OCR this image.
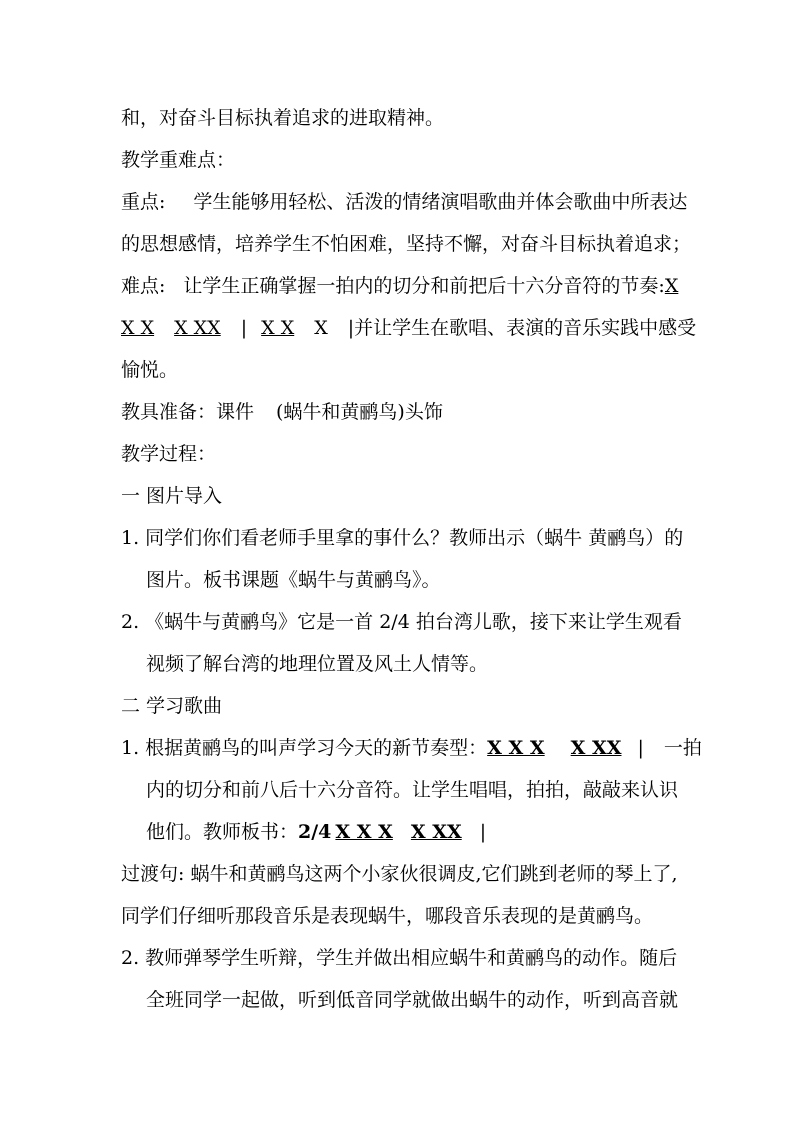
和，对奋斗目标执着追求的进取精神。
教学重难点：
重点: 学生能够用轻松、活泼的情绪演唱歌曲并体会歌曲中所表达
的思想感情，培养学生不怕困难，坚持不懈，对奋斗目标执着追求；
难点: 让学生正确掌握一拍内的切分和前把后十六分音符的节奏:X
X X X XX | X X X |并让学生在歌唱、表演的音乐实践中感受
愉悦。
教具准备：课件 (蜗牛和黄鹂鸟)头饰
教学过程：
一 图片导入
1. 同学们你们看老师手里拿的事什么？教师出示（蜗牛 黄鹂鸟）的
图片。板书课题《蜗牛与黄鹂鸟》。
2. 《蜗牛与黄鹂鸟》它是一首 2/4 拍台湾儿歌，接下来让学生观看
视频了解台湾的地理位置及风土人情等。
二 学习歌曲
1. 根据黄鹂鸟的叫声学习今天的新节奏型：X X X X XX | 一拍
内的切分和前八后十六分音符。让学生唱唱，拍拍，敲敲来认识
他们。教师板书：2/4 X X X X XX |
过渡句: 蜗牛和黄鹂鸟这两个小家伙很调皮,它们跳到老师的琴上了,
同学们仔细听那段音乐是表现蜗牛，哪段音乐表现的是黄鹂鸟。
2. 教师弹琴学生听辩，学生并做出相应蜗牛和黄鹂鸟的动作。随后
全班同学一起做，听到低音同学就做出蜗牛的动作，听到高音就
